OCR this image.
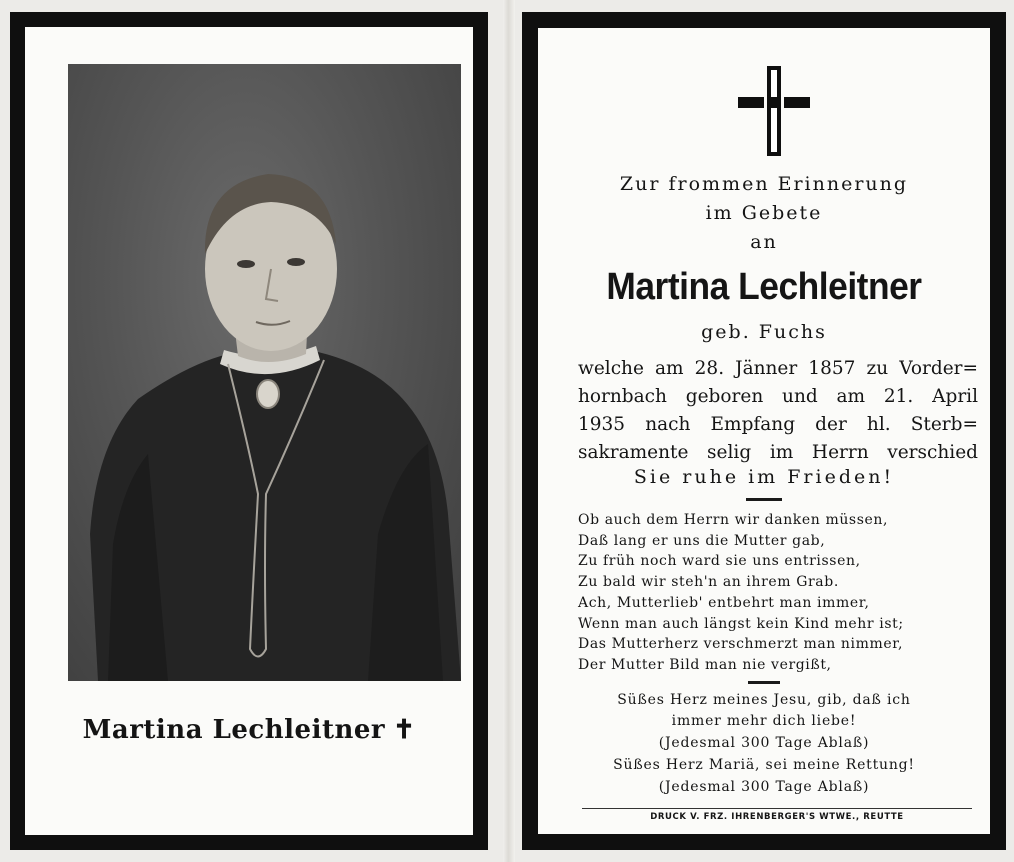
Martina Lechleitner ✝
Zur frommen Erinnerung
im Gebete
an
Martina Lechleitner
geb. Fuchs
welche am 28. Jänner 1857 zu Vorder=
hornbach geboren und am 21. April
1935 nach Empfang der hl. Sterb=
sakramente selig im Herrn verschied
Sie ruhe im Frieden!
Ob auch dem Herrn wir danken müssen,
Daß lang er uns die Mutter gab,
Zu früh noch ward sie uns entrissen,
Zu bald wir steh'n an ihrem Grab.
Ach, Mutterlieb' entbehrt man immer,
Wenn man auch längst kein Kind mehr ist;
Das Mutterherz verschmerzt man nimmer,
Der Mutter Bild man nie vergißt,
Süßes Herz meines Jesu, gib, daß ich
immer mehr dich liebe!
(Jedesmal 300 Tage Ablaß)
Süßes Herz Mariä, sei meine Rettung!
(Jedesmal 300 Tage Ablaß)
DRUCK V. FRZ. IHRENBERGER'S WTWE., REUTTE
